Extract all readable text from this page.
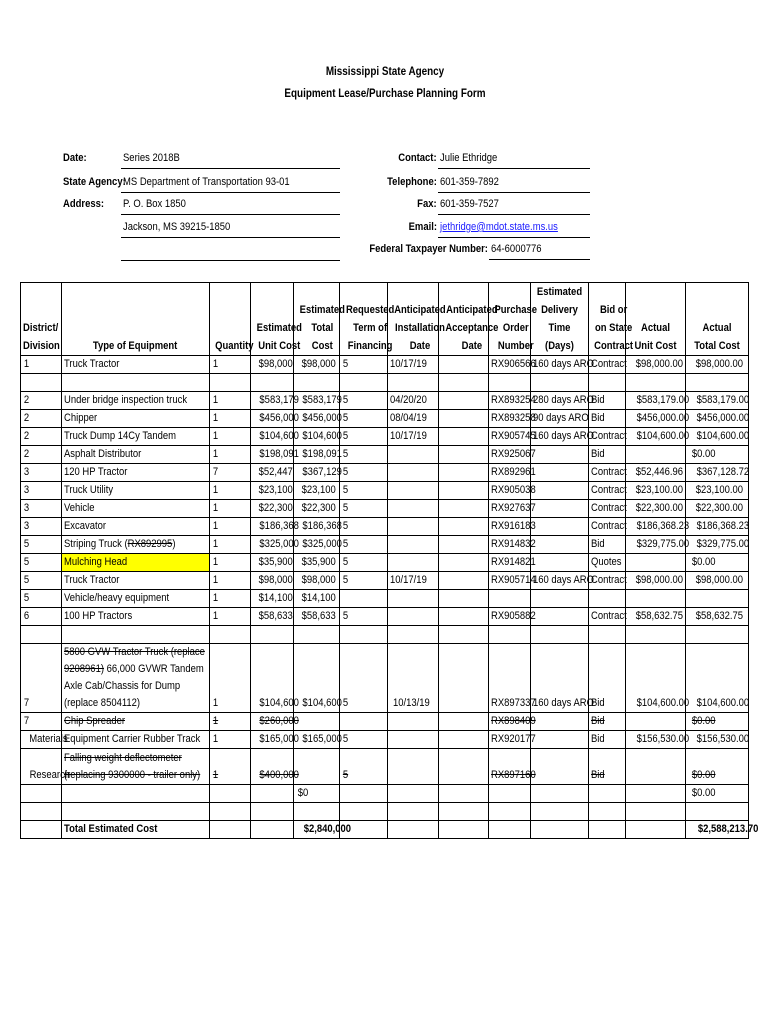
Mississippi State Agency
Equipment Lease/Purchase Planning Form
Date:	Series 2018B
State Agency:
MS Department of Transportation 93-01
Address: P. O. Box 1850
Jackson, MS 39215-1850
Contact: Julie Ethridge
Telephone: 601-359-7892
Fax: 601-359-7527
Email: jethridge@mdot.state.ms.us
Federal Taxpayer Number: 64-6000776
District/ Division	Type of Equipment	Quantity	Estimated Unit Cost	Estimated Total Cost	Requested Term of Financing	Anticipated Installation Date	Anticipated Acceptance Date	Purchase Order Number	Estimated Delivery Time (Days)	Bid or on State Contract	Actual Unit Cost	Actual Total Cost
1	Truck Tractor	1	$98,000	$98,000	5	10/17/19		RX906566	160 days ARO	Contract	$98,000.00	$98,000.00

2	Under bridge inspection truck	1	$583,179	$583,179	5	04/20/20		RX893254	280 days ARO	Bid	$583,179.00	$583,179.00
2	Chipper	1	$456,000	$456,000	5	08/04/19		RX893258	90 days ARO	Bid	$456,000.00	$456,000.00
2	Truck Dump 14Cy Tandem	1	$104,600	$104,600	5	10/17/19		RX905745	160 days ARO	Contract	$104,600.00	$104,600.00
2	Asphalt Distributor	1	$198,091	$198,091	5			RX925067		Bid		$0.00
3	120 HP Tractor	7	$52,447	$367,129	5			RX892961		Contract	$52,446.96	$367,128.72
3	Truck Utility	1	$23,100	$23,100	5			RX905038		Contract	$23,100.00	$23,100.00
3	Vehicle	1	$22,300	$22,300	5			RX927637		Contract	$22,300.00	$22,300.00
3	Excavator	1	$186,368	$186,368	5			RX916183		Contract	$186,368.23	$186,368.23
5	Striping Truck (RX892995)	1	$325,000	$325,000	5			RX914832		Bid	$329,775.00	$329,775.00
5	Mulching Head	1	$35,900	$35,900	5			RX914821		Quotes		$0.00
5	Truck Tractor	1	$98,000	$98,000	5	10/17/19		RX905714	160 days ARO	Contract	$98,000.00	$98,000.00
5	Vehicle/heavy equipment	1	$14,100	$14,100								
6	100 HP Tractors	1	$58,633	$58,633	5			RX905882		Contract	$58,632.75	$58,632.75

7	5800 GVW Tractor Truck (replace 9208961) 66,000 GVWR Tandem Axle Cab/Chassis for Dump (replace 8504112)	1	$104,600	$104,600	5	10/13/19		RX897337	160 days ARO	Bid	$104,600.00	$104,600.00
7	Chip Spreader	1	$260,000					RX898409		Bid		$0.00
Materials	Equipment Carrier Rubber Track	1	$165,000	$165,000	5			RX920177		Bid	$156,530.00	$156,530.00
Research	Falling weight deflectometer (replacing 9300000 - trailer only)	1	$400,000		5			RX897160		Bid		$0.00
				$0								$0.00

	Total Estimated Cost			$2,840,000								$2,588,213.70
